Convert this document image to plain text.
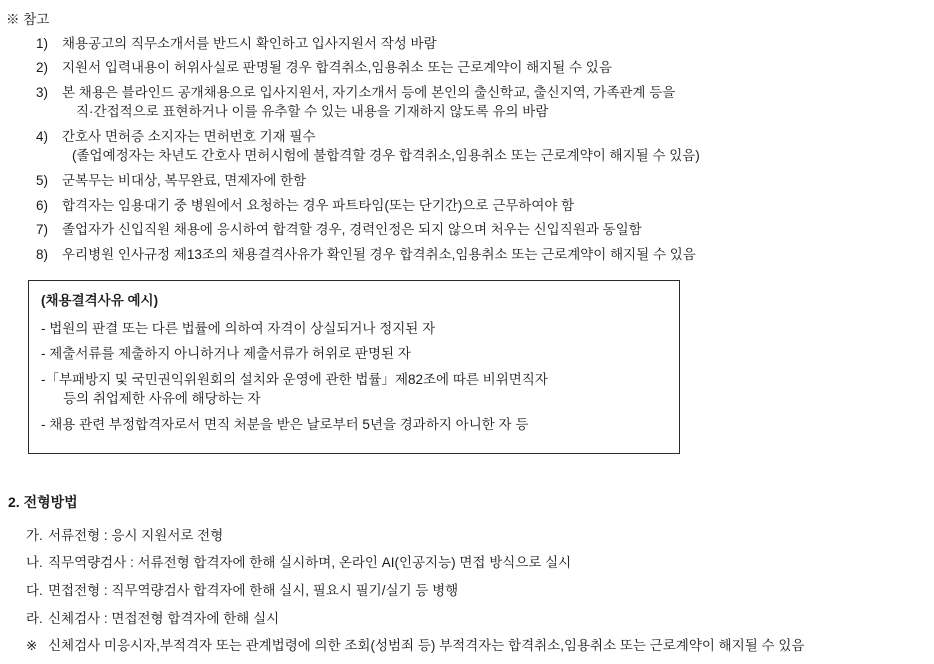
※ 참고
1)	채용공고의 직무소개서를 반드시 확인하고 입사지원서 작성 바람
2)	지원서 입력내용이 허위사실로 판명될 경우 합격취소,임용취소 또는 근로계약이 해지될 수 있음
3)	본 채용은 블라인드 공개채용으로 입사지원서, 자기소개서 등에 본인의 출신학교, 출신지역, 가족관계 등을
직·간접적으로 표현하거나 이를 유추할 수 있는 내용을 기재하지 않도록 유의 바람
4)	간호사 면허증 소지자는 면허번호 기재 필수
(졸업예정자는 차년도 간호사 면허시험에 불합격할 경우 합격취소,임용취소 또는 근로계약이 해지될 수 있음)
5)	군복무는 비대상, 복무완료, 면제자에 한함
6)	합격자는 임용대기 중 병원에서 요청하는 경우 파트타임(또는 단기간)으로 근무하여야 함
7)	졸업자가 신입직원 채용에 응시하여 합격할 경우, 경력인정은 되지 않으며 처우는 신입직원과 동일함
8)	우리병원 인사규정 제13조의 채용결격사유가 확인될 경우 합격취소,임용취소 또는 근로계약이 해지될 수 있음
(채용결격사유 예시)
- 법원의 판결 또는 다른 법률에 의하여 자격이 상실되거나 정지된 자
- 제출서류를 제출하지 아니하거나 제출서류가 허위로 판명된 자
-「부패방지 및 국민권익위원회의 설치와 운영에 관한 법률」제82조에 따른 비위면직자
등의 취업제한 사유에 해당하는 자
- 채용 관련 부정합격자로서 면직 처분을 받은 날로부터 5년을 경과하지 아니한 자 등
2. 전형방법
가. 서류전형 : 응시 지원서로 전형
나. 직무역량검사 : 서류전형 합격자에 한해 실시하며, 온라인 AI(인공지능) 면접 방식으로 실시
다. 면접전형 : 직무역량검사 합격자에 한해 실시, 필요시 필기/실기 등 병행
라. 신체검사 : 면접전형 합격자에 한해 실시
※ 신체검사 미응시자,부적격자 또는 관계법령에 의한 조회(성범죄 등) 부적격자는 합격취소,임용취소 또는 근로계약이 해지될 수 있음
